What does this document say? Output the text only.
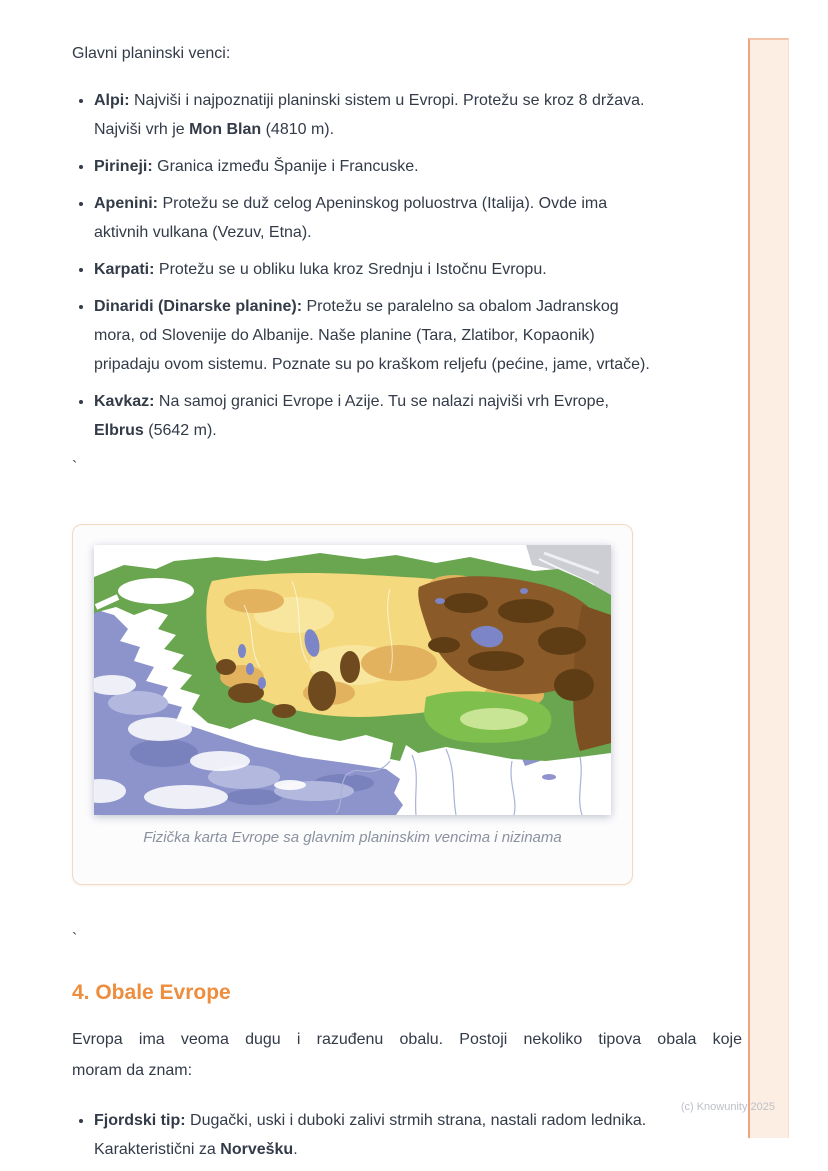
Glavni planinski venci:

• Alpi: Najviši i najpoznatiji planinski sistem u Evropi. Protežu se kroz 8 država. Najviši vrh je Mon Blan (4810 m).
• Pirineji: Granica između Španije i Francuske.
• Apenini: Protežu se duž celog Apeninskog poluostrva (Italija). Ovde ima aktivnih vulkana (Vezuv, Etna).
• Karpati: Protežu se u obliku luka kroz Srednju i Istočnu Evropu.
• Dinaridi (Dinarske planine): Protežu se paralelno sa obalom Jadranskog mora, od Slovenije do Albanije. Naše planine (Tara, Zlatibor, Kopaonik) pripadaju ovom sistemu. Poznate su po kraškom reljefu (pećine, jame, vrtače).
• Kavkaz: Na samoj granici Evrope i Azije. Tu se nalazi najviši vrh Evrope, Elbrus (5642 m).
`
Fizička karta Evrope sa glavnim planinskim vencima i nizinama
`
4. Obale Evrope

Evropa ima veoma dugu i razuđenu obalu. Postoji nekoliko tipova obala koje
moram da znam:

• Fjordski tip: Dugački, uski i duboki zalivi strmih strana, nastali radom lednika. Karakteristični za Norvešku.
(c) Knowunity 2025
